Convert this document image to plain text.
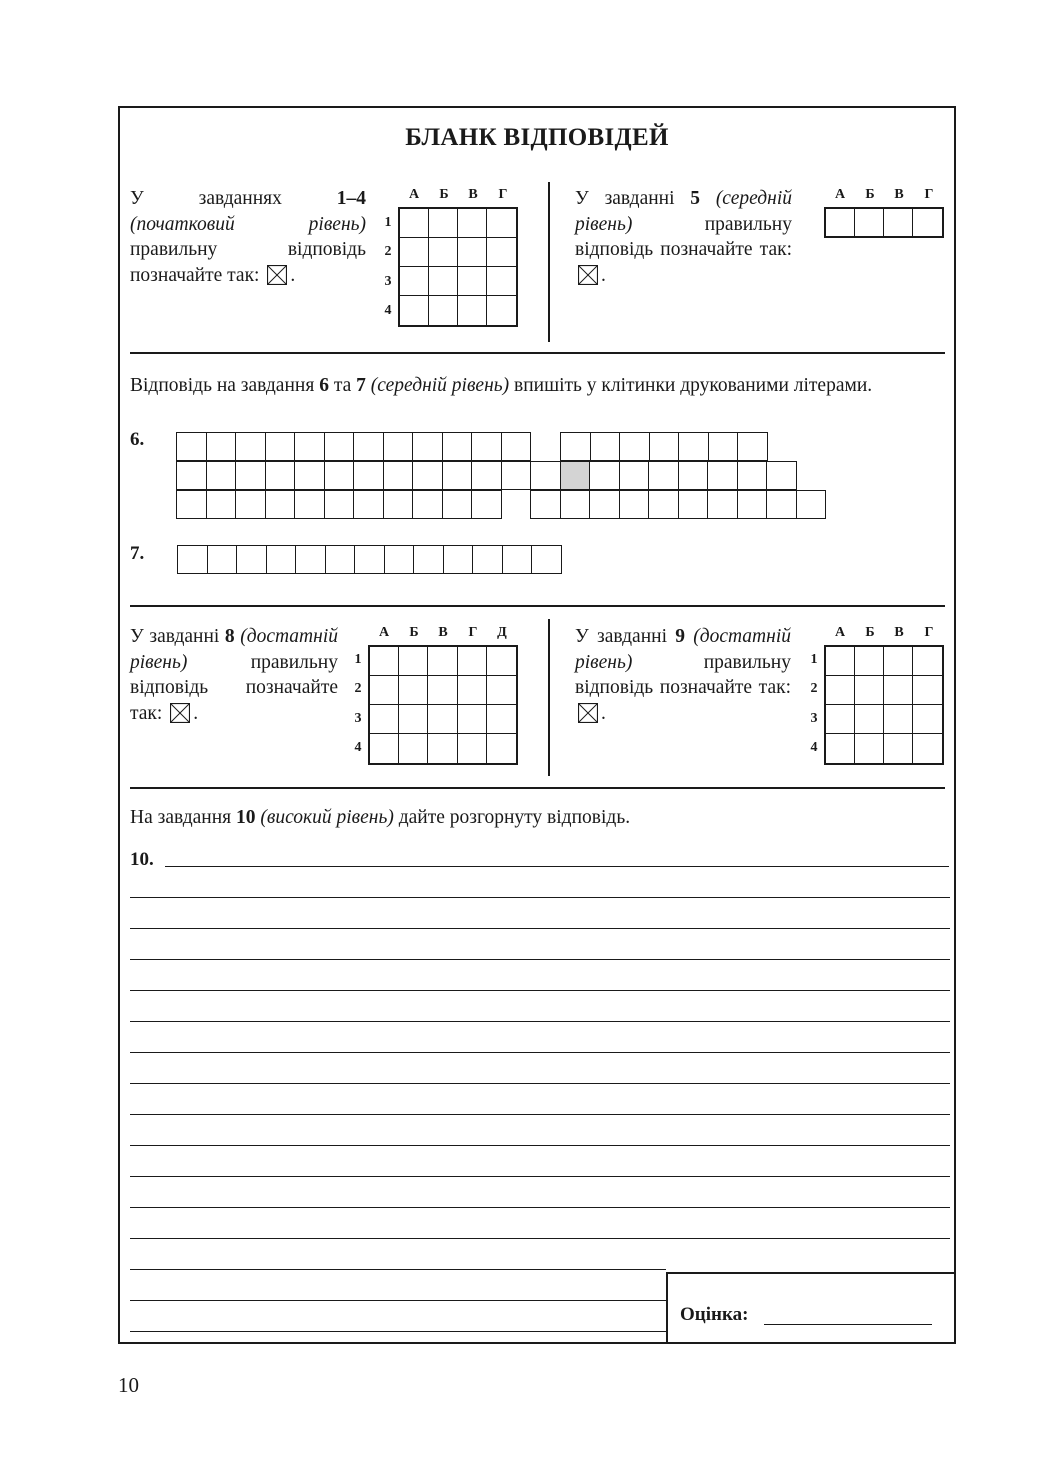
БЛАНК ВІДПОВІДЕЙ
У завданнях 1–4 (початковий рівень) правильну відповідь позначайте так: ☒ .
А	Б	В	Г
1
2
3
4
У завданні 5 (середній рівень) правильну відповідь позначайте так: .
А	Б	В	Г
Відповідь на завдання 6 та 7 (середній рівень) впишіть у клітинки друкованими літерами.
6.
7.
У завданні 8 (достатній рівень) правильну відповідь позначайте так: ☒ .
А	Б	В	Г	Д
1
2
3
4
У завданні 9 (достатній рівень) правильну відповідь позначайте так: .
А	Б	В	Г
1
2
3
4
На завдання 10 (високий рівень) дайте розгорнуту відповідь.
10.
Оцінка:
10
